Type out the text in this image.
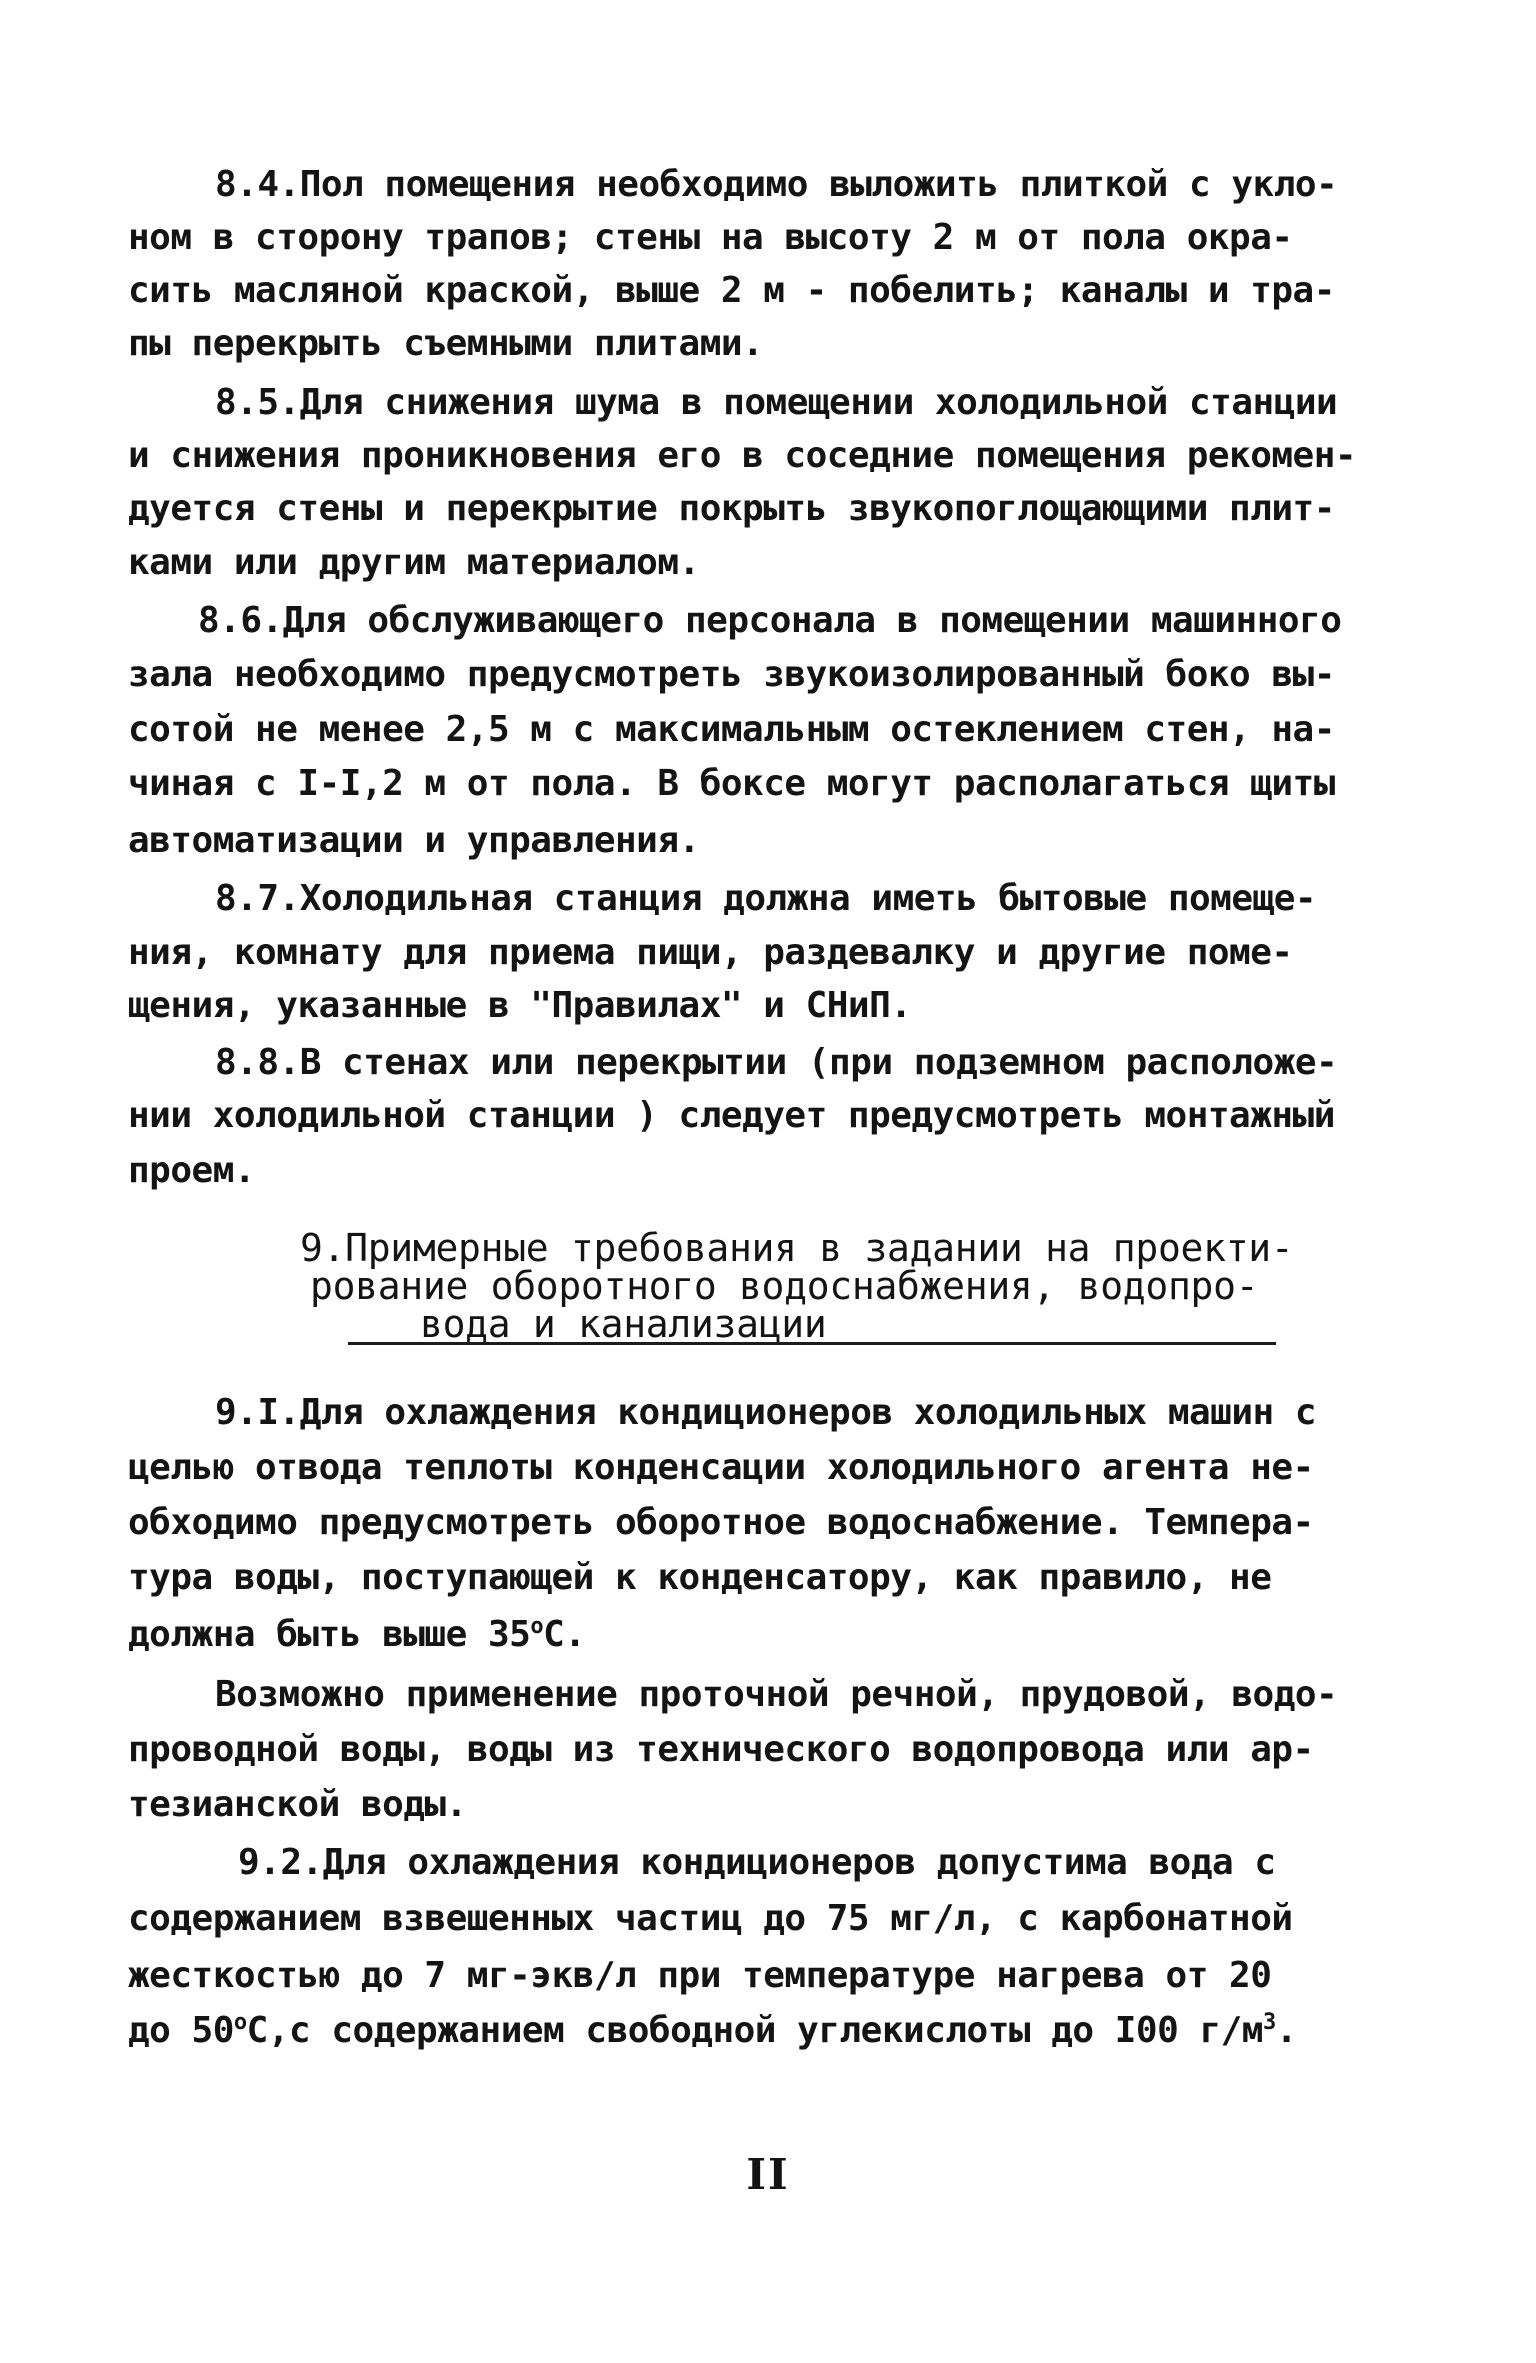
8.4.Пол помещения необходимо выложить плиткой с укло-
ном в сторону трапов; стены на высоту 2 м от пола окра-
сить масляной краской, выше 2 м - побелить; каналы и тра-
пы перекрыть съемными плитами.
8.5.Для снижения шума в помещении холодильной станции
и снижения проникновения его в соседние помещения рекомен-
дуется стены и перекрытие покрыть звукопоглощающими плит-
ками или другим материалом.
8.6.Для обслуживающего персонала в помещении машинного
зала необходимо предусмотреть звукоизолированный боко вы-
сотой не менее 2,5 м с максимальным остеклением стен, на-
чиная с I-I,2 м от пола. В боксе могут располагаться щиты
автоматизации и управления.
8.7.Холодильная станция должна иметь бытовые помеще-
ния, комнату для приема пищи, раздевалку и другие поме-
щения, указанные в "Правилах" и СНиП.
8.8.В стенах или перекрытии (при подземном расположе-
нии холодильной станции ) следует предусмотреть монтажный
проем.
9.Примерные требования в задании на проекти-
рование оборотного водоснабжения, водопро-
вода и канализации
9.I.Для охлаждения кондиционеров холодильных машин с
целью отвода теплоты конденсации холодильного агента не-
обходимо предусмотреть оборотное водоснабжение. Темпера-
тура воды, поступающей к конденсатору, как правило, не
должна быть выше $35^оС$.
Возможно применение проточной речной, прудовой, водо-
проводной воды, воды из технического водопровода или ар-
тезианской воды.
9.2.Для охлаждения кондиционеров допустима вода с
содержанием взвешенных частиц до 75 мг/л, с карбонатной
жесткостью до 7 мг-экв/л при температуре нагрева от 20
до $50^оС,с$ содержанием свободной углекислоты до I00 $г/м^3$.
II
